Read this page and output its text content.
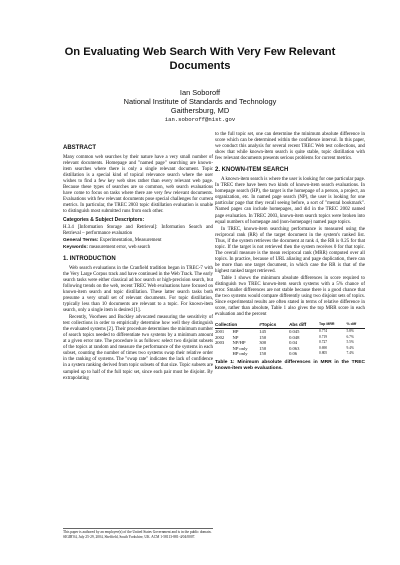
On Evaluating Web Search With Very Few Relevant Documents
Ian Soboroff
National Institute of Standards and Technology
Gaithersburg, MD
ian.soboroff@nist.gov
ABSTRACT

Many common web searches by their nature have a very small number of relevant documents. Homepage and "named page" searching are known-item searches where there is only a single relevant document. Topic distillation is a special kind of topical relevance search where the user wishes to find a few key web sites rather than every relevant web page. Because these types of searches are so common, web search evaluations have come to focus on tasks where there are very few relevant documents. Evaluations with few relevant documents pose special challenges for current metrics. In particular, the TREC 2003 topic distillation evaluation is unable to distinguish most submitted runs from each other.

Categories & Subject Descriptors:

H.3.4 [Information Storage and Retrieval]: Information Search and Retrieval – performance evaluation

General Terms: Experimentation, Measurement

Keywords: measurement error, web search

1. INTRODUCTION

Web search evaluations in the Cranfield tradition began in TREC-7 with the Very Large Corpus track and have continued in the Web Track. The early search tasks were either classical ad hoc search or high-precision search, but following trends on the web, recent TREC Web evaluations have focused on known-item search and topic distillation. These latter search tasks both presume a very small set of relevant documents. For topic distillation, typically less than 10 documents are relevant to a topic. For known-item search, only a single item is desired [1].

Recently, Voorhees and Buckley advocated measuring the sensitivity of test collections in order to empirically determine how well they distinguish the evaluated systems [2]. Their procedure determines the minimum number of search topics needed to differentiate two systems by a minimum amount at a given error rate. The procedure is as follows: select two disjoint subsets of the topics at random and measure the performance of the systems in each subset, counting the number of times two systems swap their relative order in the ranking of systems. The "swap rate" indicates the lack of confidence in a system ranking derived from topic subsets of that size. Topic subsets are sampled up to half of the full topic set, since each pair must be disjoint. By extrapolating

to the full topic set, one can determine the minimum absolute difference in score which can be determined within the confidence interval. In this paper, we conduct this analysis for several recent TREC Web test collections, and show that while known-item search is quite stable, topic distillation with few relevant documents presents serious problems for current metrics.

2. KNOWN-ITEM SEARCH

A known-item search is where the user is looking for one particular page. In TREC there have been two kinds of known-item search evaluations. In homepage search (HP), the target is the homepage of a person, a project, an organization, etc. In named page search (NP), the user is looking for one particular page that they recall seeing before, a sort of "mental bookmark". Named pages can include homepages, and did in the TREC 2002 named page evaluation. In TREC 2003, known-item search topics were broken into equal numbers of homepage and (non-homepage) named page topics.

In TREC, known-item searching performance is measured using the reciprocal rank (RR) of the target document in the system's ranked list. Thus, if the system retrieves the document at rank 4, the RR is 0.25 for that topic. If the target is not retrieved then the system receives 0 for that topic. The overall measure is the mean reciprocal rank (MRR) computed over all topics. In practice, because of URL aliasing and page duplication, there can be more than one target document, in which case the RR is that of the highest ranked target retrieved.

Table 1 shows the minimum absolute differences in score required to distinguish two TREC known-item search systems with a 5% chance of error. Smaller differences are not stable because there is a good chance that the two systems would compare differently using two disjoint sets of topics. Since experimental results are often stated in terms of relative difference in score, rather than absolute, Table 1 also gives the top MRR score in each evaluation and the percent

Collection		#Topics	Abs diff	Top MRR	% diff
2001	HP	145	0.045	0.774	5.8%
2002	NP	150	0.048	0.719	6.7%
2003	NP/HP	300	0.04	0.727	5.5%
	NP only	150	0.063	0.690	9.4%
	HP only	150	0.06	0.805	7.4%
Table 1: Minimum absolute differences in MRR in the TREC known-item web evaluations.
This paper is authored by an employee(s) of the United States Government and is in the public domain. SIGIR'04, July 25-29, 2004, Sheffield, South Yorkshire, UK. ACM 1-58113-881-4/04/0007.
